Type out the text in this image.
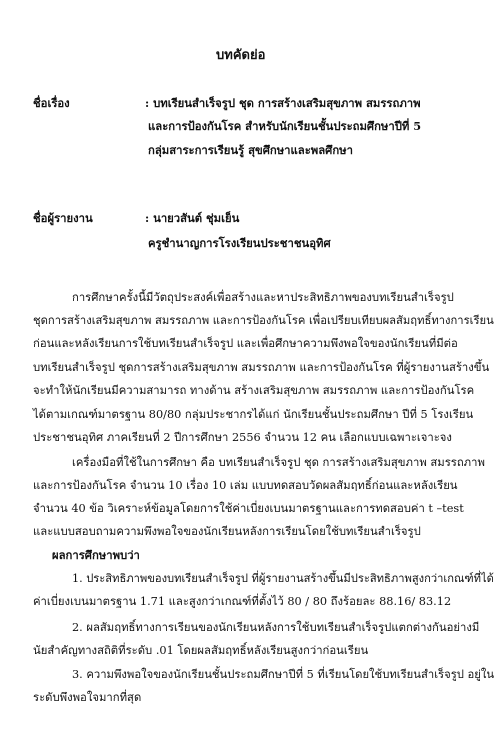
บทคัดย่อ
ชื่อเรื่อง	: บทเรียนสำเร็จรูป ชุด การสร้างเสริมสุขภาพ สมรรถภาพ
และการป้องกันโรค สำหรับนักเรียนชั้นประถมศึกษาปีที่ 5
กลุ่มสาระการเรียนรู้ สุขศึกษาและพลศึกษา
ชื่อผู้รายงาน	: นายวสันต์ ชุ่มเย็น
ครูชำนาญการโรงเรียนประชาชนอุทิศ
การศึกษาครั้งนี้มีวัตถุประสงค์เพื่อสร้างและหาประสิทธิภาพของบทเรียนสำเร็จรูป
ชุดการสร้างเสริมสุขภาพ สมรรถภาพ และการป้องกันโรค เพื่อเปรียบเทียบผลสัมฤทธิ์ทางการเรียน
ก่อนและหลังเรียนการใช้บทเรียนสำเร็จรูป และเพื่อศึกษาความพึงพอใจของนักเรียนที่มีต่อ
บทเรียนสำเร็จรูป ชุดการสร้างเสริมสุขภาพ สมรรถภาพ และการป้องกันโรค ที่ผู้รายงานสร้างขึ้น
จะทำให้นักเรียนมีความสามารถ ทางด้าน สร้างเสริมสุขภาพ สมรรถภาพ และการป้องกันโรค
ได้ตามเกณฑ์มาตรฐาน 80/80 กลุ่มประชากรได้แก่ นักเรียนชั้นประถมศึกษา ปีที่ 5 โรงเรียน
ประชาชนอุทิศ ภาคเรียนที่ 2 ปีการศึกษา 2556 จำนวน 12 คน เลือกแบบเฉพาะเจาะจง
เครื่องมือที่ใช้ในการศึกษา คือ บทเรียนสำเร็จรูป ชุด การสร้างเสริมสุขภาพ สมรรถภาพ
และการป้องกันโรค จำนวน 10 เรื่อง 10 เล่ม แบบทดสอบวัดผลสัมฤทธิ์ก่อนและหลังเรียน
จำนวน 40 ข้อ วิเคราะห์ข้อมูลโดยการใช้ค่าเบี่ยงเบนมาตรฐานและการทดสอบค่า t –test
และแบบสอบถามความพึงพอใจของนักเรียนหลังการเรียนโดยใช้บทเรียนสำเร็จรูป
ผลการศึกษาพบว่า
1. ประสิทธิภาพของบทเรียนสำเร็จรูป ที่ผู้รายงานสร้างขึ้นมีประสิทธิภาพสูงกว่าเกณฑ์ที่ได้
ค่าเบี่ยงเบนมาตรฐาน 1.71 และสูงกว่าเกณฑ์ที่ตั้งไว้ 80 / 80 ถึงร้อยละ 88.16/ 83.12
2. ผลสัมฤทธิ์ทางการเรียนของนักเรียนหลังการใช้บทเรียนสำเร็จรูปแตกต่างกันอย่างมี
นัยสำคัญทางสถิติที่ระดับ .01 โดยผลสัมฤทธิ์หลังเรียนสูงกว่าก่อนเรียน
3. ความพึงพอใจของนักเรียนชั้นประถมศึกษาปีที่ 5 ที่เรียนโดยใช้บทเรียนสำเร็จรูป อยู่ใน
ระดับพึงพอใจมากที่สุด
